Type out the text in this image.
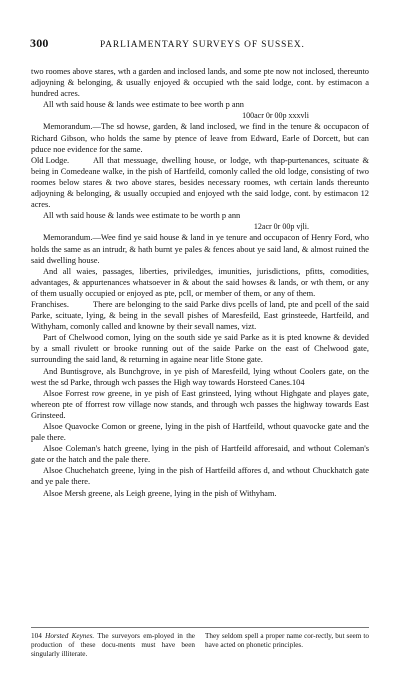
300	PARLIAMENTARY SURVEYS OF SUSSEX.

two roomes above stares, wth a garden and inclosed lands, and some pte now not inclosed, thereunto adjoyning & belonging, & usually enjoyed & occupied wth the said lodge, cont. by estimacon a hundred acres.

All wth said house & lands wee estimate to bee worth p ann

100acr 0r 00p xxxvli

Memorandum.—The sd howse, garden, & land inclosed, we find in the tenure & occupacon of Richard Gibson, who holds the same by ptence of leave from Edward, Earle of Dorcett, but can pduce noe evidence for the same.

Old Lodge.	All that messuage, dwelling house, or lodge, wth thap-purtenances, scituate & being in Comedeane walke, in the pish of Hartfeild, comonly called the old lodge, consisting of two roomes below stares & two above stares, besides necessary roomes, wth certain lands thereunto adjoyning & belonging, & usually occupied and enjoyed wth the said lodge, cont. by estimacon 12 acres.

All wth said house & lands wee estimate to be worth p ann

12acr 0r 00p vjli.

Memorandum.—Wee find ye said house & land in ye tenure and occupacon of Henry Ford, who holds the same as an intrudr, & hath burnt ye pales & fences about ye said land, & almost ruined the said dwelling house.

And all waies, passages, liberties, priviledges, imunities, jurisdictions, pfitts, comodities, advantages, & appurtenances whatsoever in & about the said howses & lands, or wth them, or any of them usually occupied or enjoyed as pte, pcll, or member of them, or any of them.

Franchises.	There are belonging to the said Parke divs pcells of land, pte and pcell of the said Parke, scituate, lying, & being in the sevall pishes of Maresfeild, East grinsteede, Hartfeild, and Withyham, comonly called and knowne by their sevall names, vizt.

Part of Chelwood comon, lying on the south side ye said Parke as it is pted knowne & devided by a small rivulett or brooke running out of the saide Parke on the east of Chelwood gate, surrounding the said land, & returning in againe near litle Stone gate.

And Buntisgrove, als Bunchgrove, in ye pish of Maresfeild, lying wthout Coolers gate, on the west the sd Parke, through wch passes the High way towards Horsteed Canes.104

Alsoe Forrest row greene, in ye pish of East grinsteed, lying wthout Highgate and playes gate, whereon pte of fforrest row village now stands, and through wch passes the highway towards East Grinsteed.

Alsoe Quavocke Comon or greene, lying in the pish of Hartfeild, wthout quavocke gate and the pale there.

Alsoe Coleman's hatch greene, lying in the pish of Hartfeild afforesaid, and wthout Coleman's gate or the hatch and the pale there.

Alsoe Chuchehatch greene, lying in the pish of Hartfeild affores d, and wthout Chuckhatch gate and ye pale there.

Alsoe Mersh greene, als Leigh greene, lying in the pish of Withyham.

104 Horsted Keynes. The surveyors em-ployed in the production of these docu-ments must have been singularly illiterate.
They seldom spell a proper name cor-rectly, but seem to have acted on phonetic principles.
